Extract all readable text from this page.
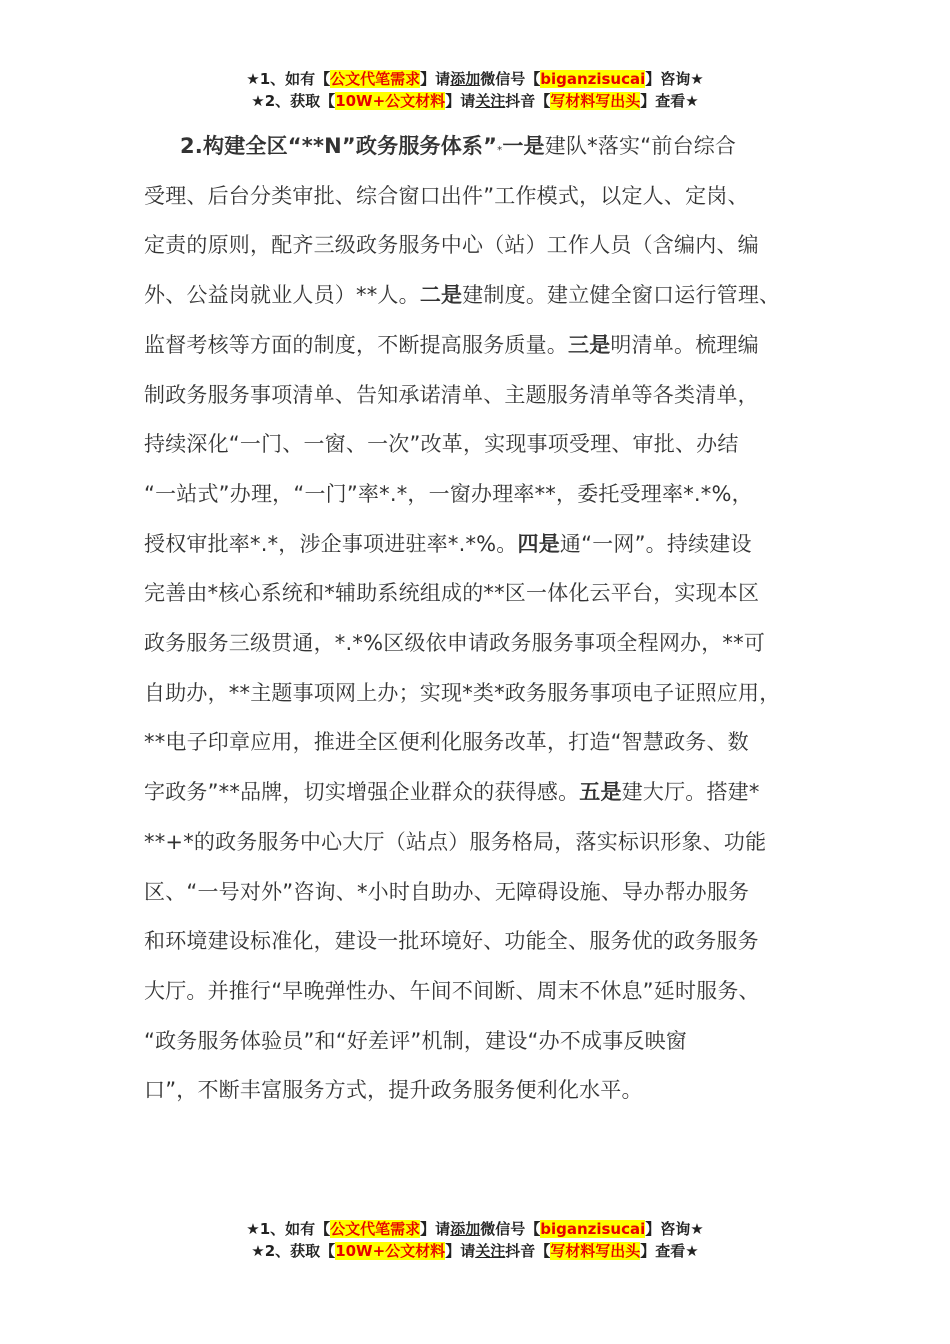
★1、如有【公文代笔需求】请添加微信号【biganzisucai】咨询★
★2、获取【10W+公文材料】请关注抖音【写材料写出头】查看★
2.构建全区“**N”政务服务体系”*一是建队*落实“前台综合
受理、后台分类审批、综合窗口出件”工作模式，以定人、定岗、
定责的原则，配齐三级政务服务中心（站）工作人员（含编内、编
外、公益岗就业人员）**人。二是建制度。建立健全窗口运行管理、
监督考核等方面的制度，不断提高服务质量。三是明清单。梳理编
制政务服务事项清单、告知承诺清单、主题服务清单等各类清单，
持续深化“一门、一窗、一次”改革，实现事项受理、审批、办结
“一站式”办理，“一门”率*.*，一窗办理率**，委托受理率*.*%，
授权审批率*.*，涉企事项进驻率*.*%。四是通“一网”。持续建设
完善由*核心系统和*辅助系统组成的**区一体化云平台，实现本区
政务服务三级贯通，*.*%区级依申请政务服务事项全程网办，**可
自助办，**主题事项网上办；实现*类*政务服务事项电子证照应用，
**电子印章应用，推进全区便利化服务改革，打造“智慧政务、数
字政务”**品牌，切实增强企业群众的获得感。五是建大厅。搭建*
**+*的政务服务中心大厅（站点）服务格局，落实标识形象、功能
区、“一号对外”咨询、*小时自助办、无障碍设施、导办帮办服务
和环境建设标准化，建设一批环境好、功能全、服务优的政务服务
大厅。并推行“早晚弹性办、午间不间断、周末不休息”延时服务、
“政务服务体验员”和“好差评”机制，建设“办不成事反映窗
口”，不断丰富服务方式，提升政务服务便利化水平。
★1、如有【公文代笔需求】请添加微信号【biganzisucai】咨询★
★2、获取【10W+公文材料】请关注抖音【写材料写出头】查看★
